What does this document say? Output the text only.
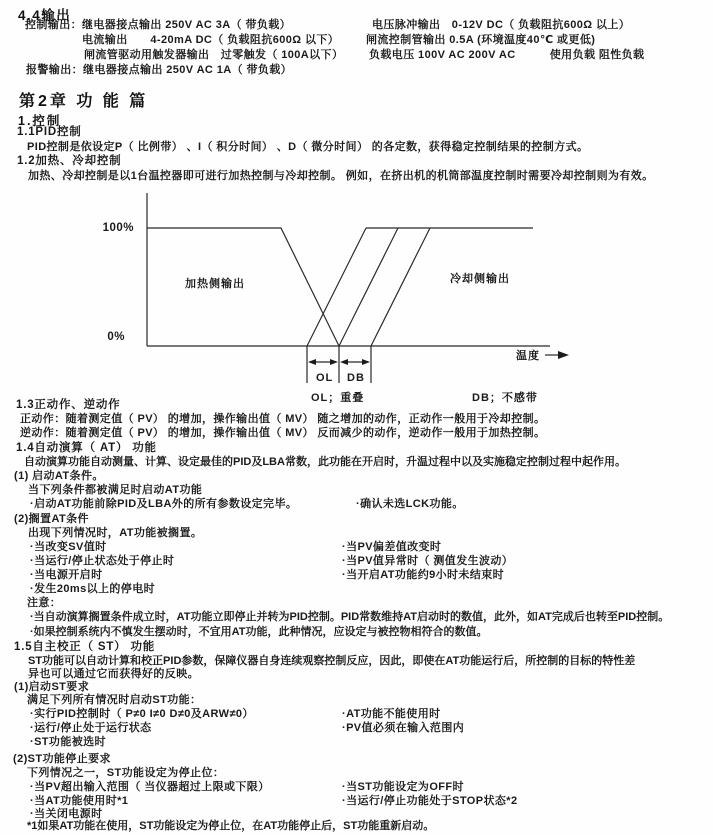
4.4输出
控制输出：继电器接点输出 250V AC 3A（ 带负载）	电压脉冲输出　0-12V DC（ 负载阻抗600Ω 以上）
电流输出　　4-20mA DC（ 负载阻抗600Ω 以下） 闸流控制管输出 0.5A (环境温度40℃ 或更低)
闸流管驱动用触发器输出　过零触发（ 100A以下） 负载电压 100V AC 200V AC　　　使用负载 阻性负载
报警输出：继电器接点输出 250V AC 1A（ 带负载）
第2章 功 能 篇
1.控制
1.1PID控制
PID控制是依设定P（ 比例带） 、I（ 积分时间） 、D（ 微分时间） 的各定数，获得稳定控制结果的控制方式。
1.2加热、冷却控制
加热、冷却控制是以1台温控器即可进行加热控制与冷却控制。 例如，在挤出机的机筒部温度控制时需要冷却控制则为有效。
100%
0%
加热侧输出	冷却侧输出
温度
OL DB
OL；重叠	DB；不感带
1.3正动作、逆动作
正动作：随着测定值（ PV） 的增加，操作输出值（ MV） 随之增加的动作，正动作一般用于冷却控制。
逆动作：随着测定值（ PV） 的增加，操作输出值（ MV） 反而减少的动作，逆动作一般用于加热控制。
1.4自动演算（ AT） 功能
自动演算功能自动测量、计算、设定最佳的PID及LBA常数，此功能在开启时，升温过程中以及实施稳定控制过程中起作用。
(1) 启动AT条件。
当下列条件都被满足时启动AT功能
·启动AT功能前除PID及LBA外的所有参数设定完毕。	·确认未选LCK功能。
(2)搁置AT条件
出现下列情况时，AT功能被搁置。
·当改变SV值时	·当PV偏差值改变时
·当运行/停止状态处于停止时	·当PV值异常时（ 测值发生波动）
·当电源开启时	·当开启AT功能约9小时未结束时
·发生20ms以上的停电时
注意：
·当自动演算搁置条件成立时，AT功能立即停止并转为PID控制。PID常数维持AT启动时的数值，此外，如AT完成后也转至PID控制。
·如果控制系统内不慎发生摆动时，不宜用AT功能，此种情况，应设定与被控物相符合的数值。
1.5自主校正（ ST） 功能
ST功能可以自动计算和校正PID参数，保障仪器自身连续观察控制反应，因此，即使在AT功能运行后，所控制的目标的特性差
异也可以通过它而获得好的反映。
(1)启动ST要求
满足下列所有情况时启动ST功能：
·实行PID控制时（ P≠0 I≠0 D≠0及ARW≠0）	·AT功能不能使用时
·运行/停止处于运行状态	·PV值必须在输入范围内
·ST功能被选时
(2)ST功能停止要求
下列情况之一，ST功能设定为停止位：
·当PV超出输入范围（ 当仪器超过上限或下限）	·当ST功能设定为OFF时
·当AT功能使用时*1	·当运行/停止功能处于STOP状态*2
·当关闭电源时
*1如果AT功能在使用，ST功能设定为停止位，在AT功能停止后，ST功能重新启动。
